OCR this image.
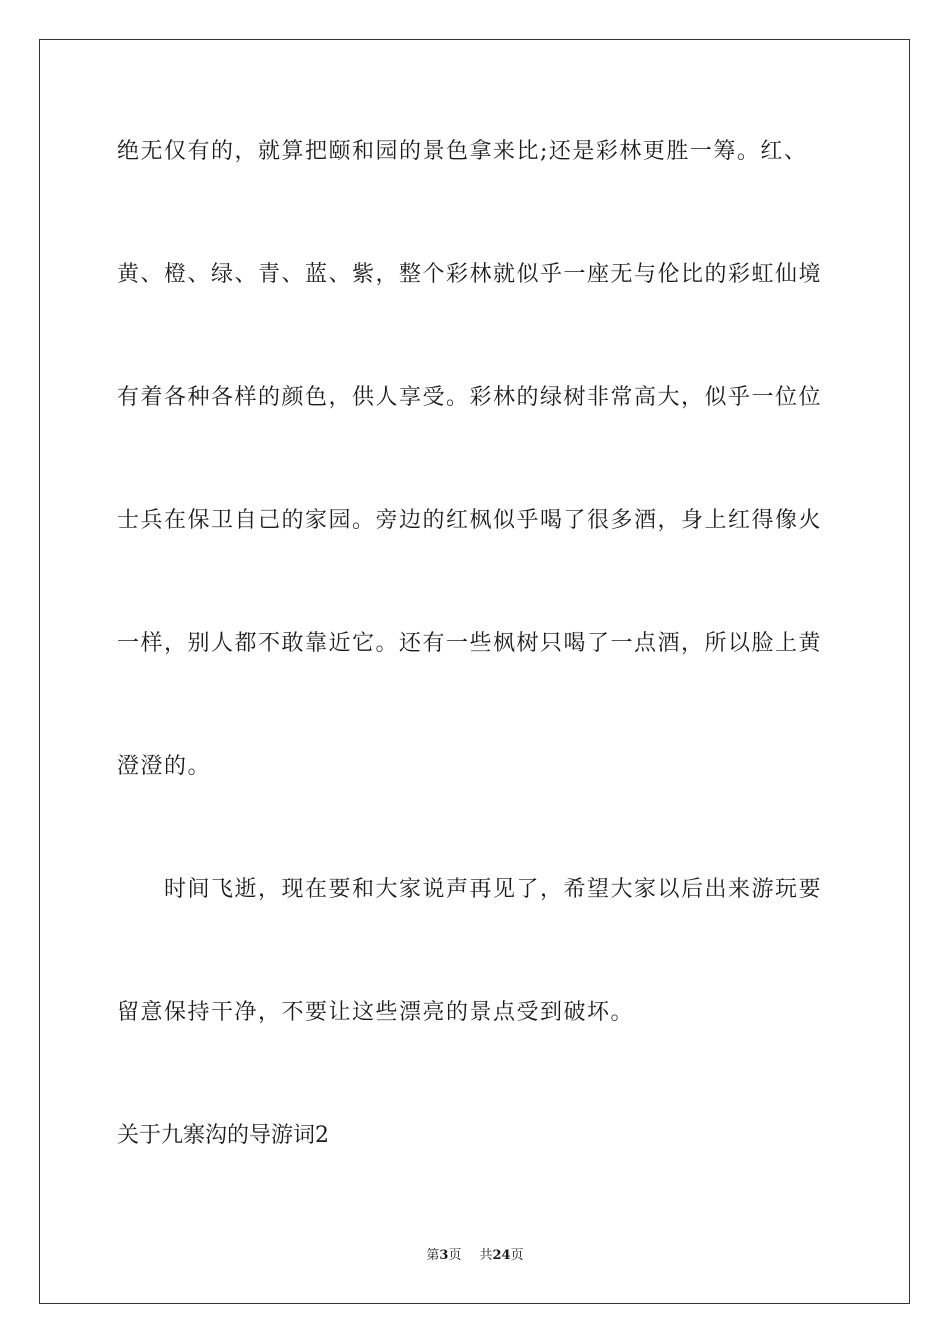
绝无仅有的，就算把颐和园的景色拿来比;还是彩林更胜一筹。红、
黄、橙、绿、青、蓝、紫，整个彩林就似乎一座无与伦比的彩虹仙境
有着各种各样的颜色，供人享受。彩林的绿树非常高大，似乎一位位
士兵在保卫自己的家园。旁边的红枫似乎喝了很多酒，身上红得像火
一样，别人都不敢靠近它。还有一些枫树只喝了一点酒，所以脸上黄
澄澄的。
时间飞逝，现在要和大家说声再见了，希望大家以后出来游玩要
留意保持干净，不要让这些漂亮的景点受到破坏。
关于九寨沟的导游词2
第3页 共24页
